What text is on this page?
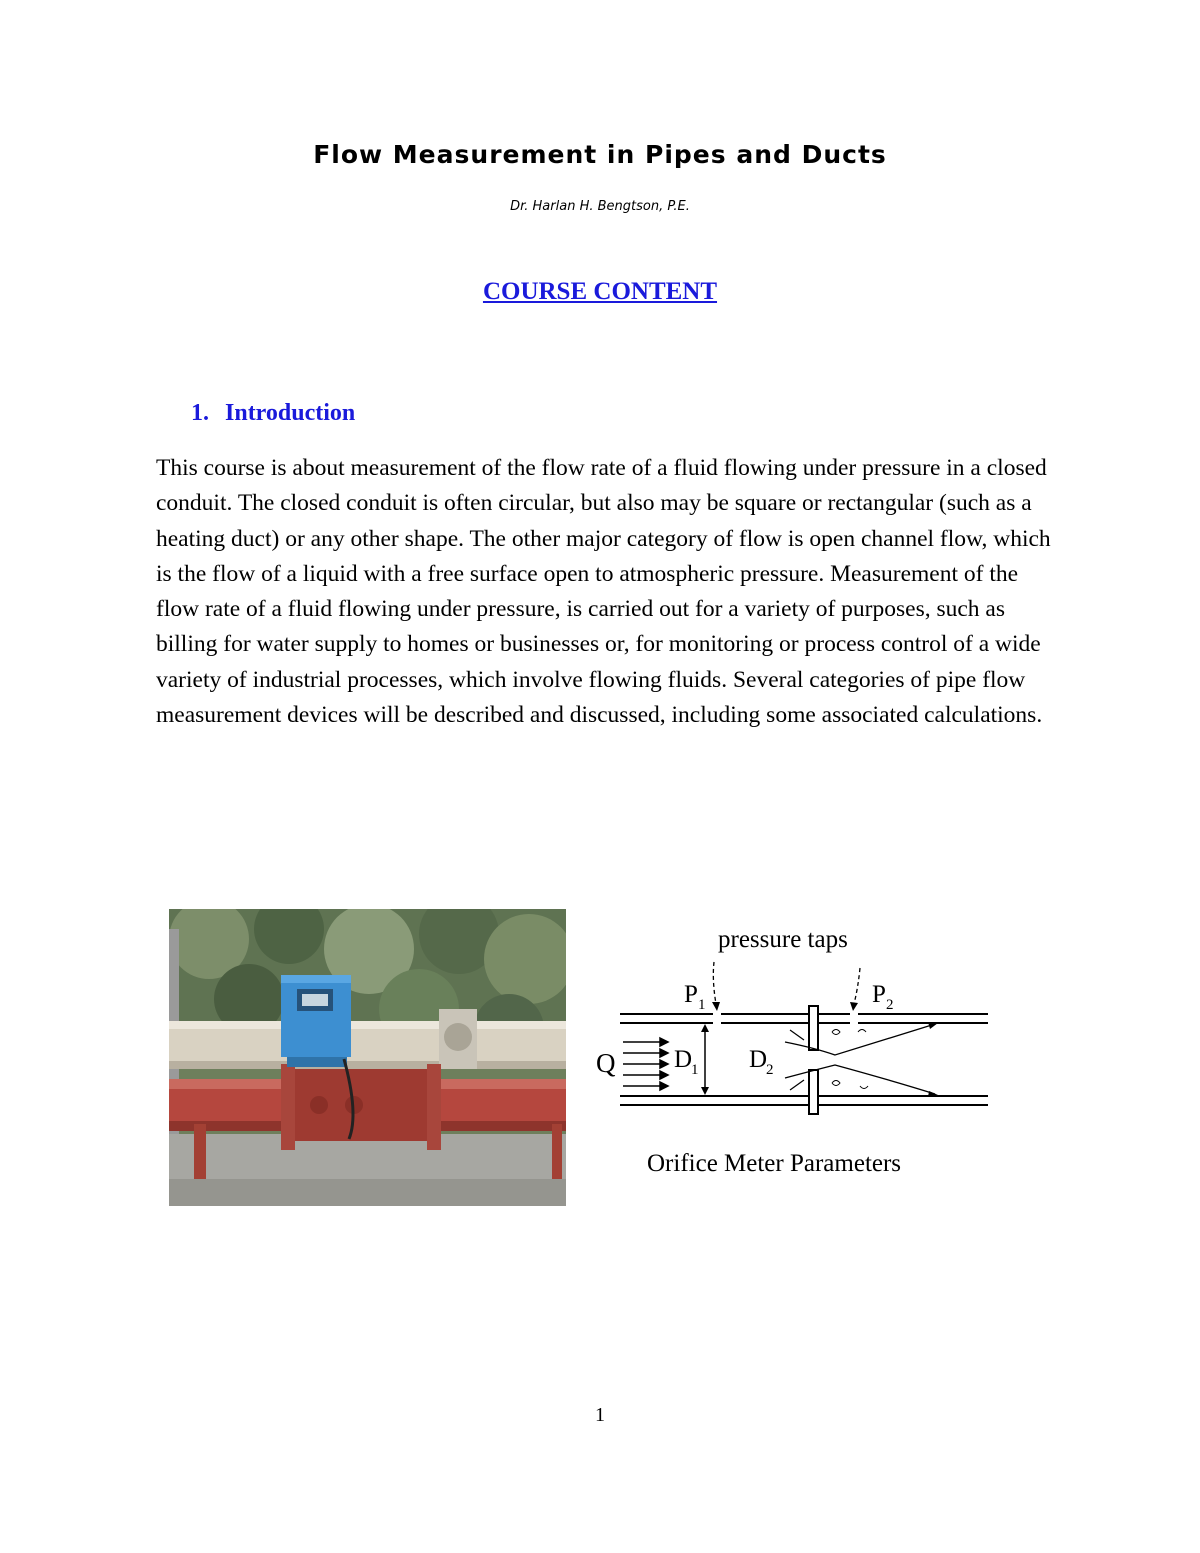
Flow Measurement in Pipes and Ducts
Dr. Harlan H. Bengtson, P.E.
COURSE CONTENT
1. Introduction

This course is about measurement of the flow rate of a fluid flowing under pressure in a closed conduit. The closed conduit is often circular, but also may be square or rectangular (such as a heating duct) or any other shape. The other major category of flow is open channel flow, which is the flow of a liquid with a free surface open to atmospheric pressure. Measurement of the flow rate of a fluid flowing under pressure, is carried out for a variety of purposes, such as billing for water supply to homes or businesses or, for monitoring or process control of a wide variety of industrial processes, which involve flowing fluids. Several categories of pipe flow measurement devices will be described and discussed, including some associated calculations.

pressure taps
P 1	P 2
Q D
1 D
2
Orifice Meter Parameters
1
